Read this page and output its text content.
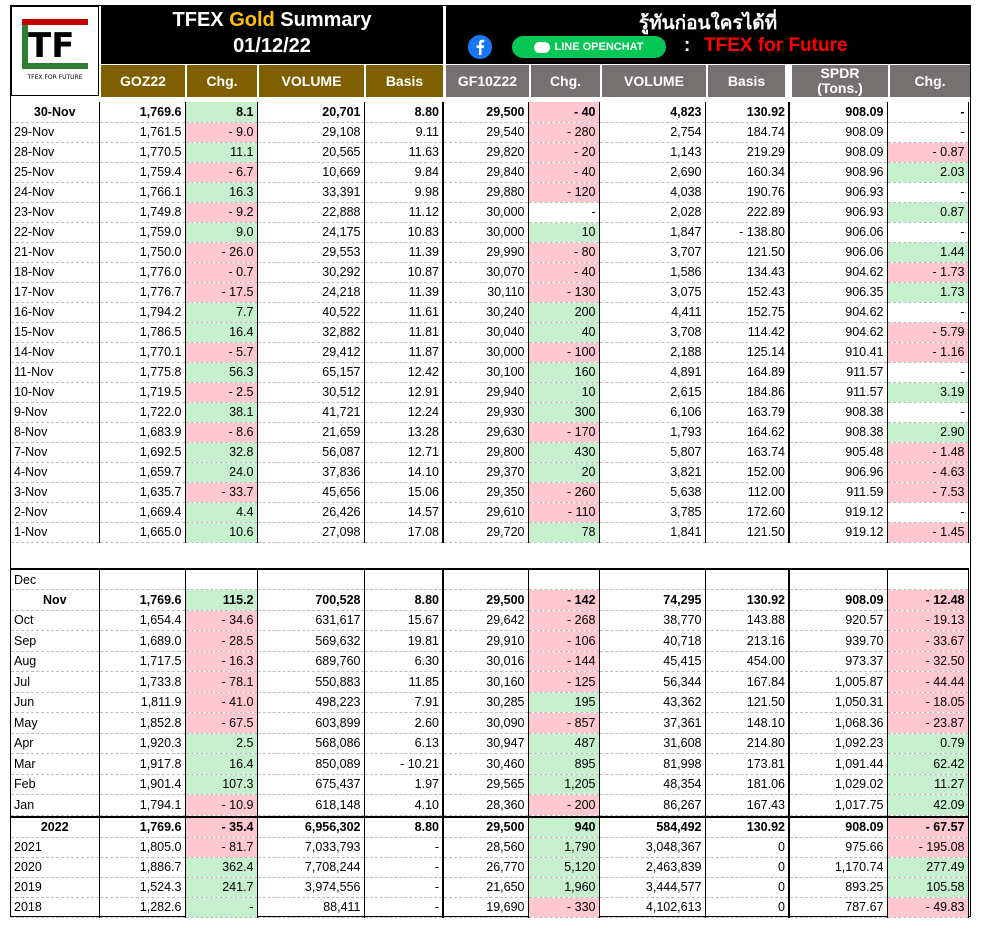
TF
TFEX FOR FUTURE
TFEX Gold Summary
01/12/22
รู้ทันก่อนใครได้ที่
LINE OPENCHAT : TFEX for Future
GOZ22	Chg.	VOLUME	Basis	GF10Z22	Chg.	VOLUME	Basis	SPDR
(Tons.)	Chg.
30-Nov	1,769.6	8.1	20,701	8.80	29,500	- 40	4,823	130.92	908.09	-
29-Nov	1,761.5	- 9.0	29,108	9.11	29,540	- 280	2,754	184.74	908.09	-
28-Nov	1,770.5	11.1	20,565	11.63	29,820	- 20	1,143	219.29	908.09	- 0.87
25-Nov	1,759.4	- 6.7	10,669	9.84	29,840	- 40	2,690	160.34	908.96	2.03
24-Nov	1,766.1	16.3	33,391	9.98	29,880	- 120	4,038	190.76	906.93	-
23-Nov	1,749.8	- 9.2	22,888	11.12	30,000	-	2,028	222.89	906.93	0.87
22-Nov	1,759.0	9.0	24,175	10.83	30,000	10	1,847	- 138.80	906.06	-
21-Nov	1,750.0	- 26.0	29,553	11.39	29,990	- 80	3,707	121.50	906.06	1.44
18-Nov	1,776.0	- 0.7	30,292	10.87	30,070	- 40	1,586	134.43	904.62	- 1.73
17-Nov	1,776.7	- 17.5	24,218	11.39	30,110	- 130	3,075	152.43	906.35	1.73
16-Nov	1,794.2	7.7	40,522	11.61	30,240	200	4,411	152.75	904.62	-
15-Nov	1,786.5	16.4	32,882	11.81	30,040	40	3,708	114.42	904.62	- 5.79
14-Nov	1,770.1	- 5.7	29,412	11.87	30,000	- 100	2,188	125.14	910.41	- 1.16
11-Nov	1,775.8	56.3	65,157	12.42	30,100	160	4,891	164.89	911.57	-
10-Nov	1,719.5	- 2.5	30,512	12.91	29,940	10	2,615	184.86	911.57	3.19
9-Nov	1,722.0	38.1	41,721	12.24	29,930	300	6,106	163.79	908.38	-
8-Nov	1,683.9	- 8.6	21,659	13.28	29,630	- 170	1,793	164.62	908.38	2.90
7-Nov	1,692.5	32.8	56,087	12.71	29,800	430	5,807	163.74	905.48	- 1.48
4-Nov	1,659.7	24.0	37,836	14.10	29,370	20	3,821	152.00	906.96	- 4.63
3-Nov	1,635.7	- 33.7	45,656	15.06	29,350	- 260	5,638	112.00	911.59	- 7.53
2-Nov	1,669.4	4.4	26,426	14.57	29,610	- 110	3,785	172.60	919.12	-
1-Nov	1,665.0	10.6	27,098	17.08	29,720	78	1,841	121.50	919.12	- 1.45
Dec										
Nov	1,769.6	115.2	700,528	8.80	29,500	- 142	74,295	130.92	908.09	- 12.48
Oct	1,654.4	- 34.6	631,617	15.67	29,642	- 268	38,770	143.88	920.57	- 19.13
Sep	1,689.0	- 28.5	569,632	19.81	29,910	- 106	40,718	213.16	939.70	- 33.67
Aug	1,717.5	- 16.3	689,760	6.30	30,016	- 144	45,415	454.00	973.37	- 32.50
Jul	1,733.8	- 78.1	550,883	11.85	30,160	- 125	56,344	167.84	1,005.87	- 44.44
Jun	1,811.9	- 41.0	498,223	7.91	30,285	195	43,362	121.50	1,050.31	- 18.05
May	1,852.8	- 67.5	603,899	2.60	30,090	- 857	37,361	148.10	1,068.36	- 23.87
Apr	1,920.3	2.5	568,086	6.13	30,947	487	31,608	214.80	1,092.23	0.79
Mar	1,917.8	16.4	850,089	- 10.21	30,460	895	81,998	173.81	1,091.44	62.42
Feb	1,901.4	107.3	675,437	1.97	29,565	1,205	48,354	181.06	1,029.02	11.27
Jan	1,794.1	- 10.9	618,148	4.10	28,360	- 200	86,267	167.43	1,017.75	42.09
2022	1,769.6	- 35.4	6,956,302	8.80	29,500	940	584,492	130.92	908.09	- 67.57
2021	1,805.0	- 81.7	7,033,793	-	28,560	1,790	3,048,367	0	975.66	- 195.08
2020	1,886.7	362.4	7,708,244	-	26,770	5,120	2,463,839	0	1,170.74	277.49
2019	1,524.3	241.7	3,974,556	-	21,650	1,960	3,444,577	0	893.25	105.58
2018	1,282.6	-	88,411	-	19,690	- 330	4,102,613	0	787.67	- 49.83
